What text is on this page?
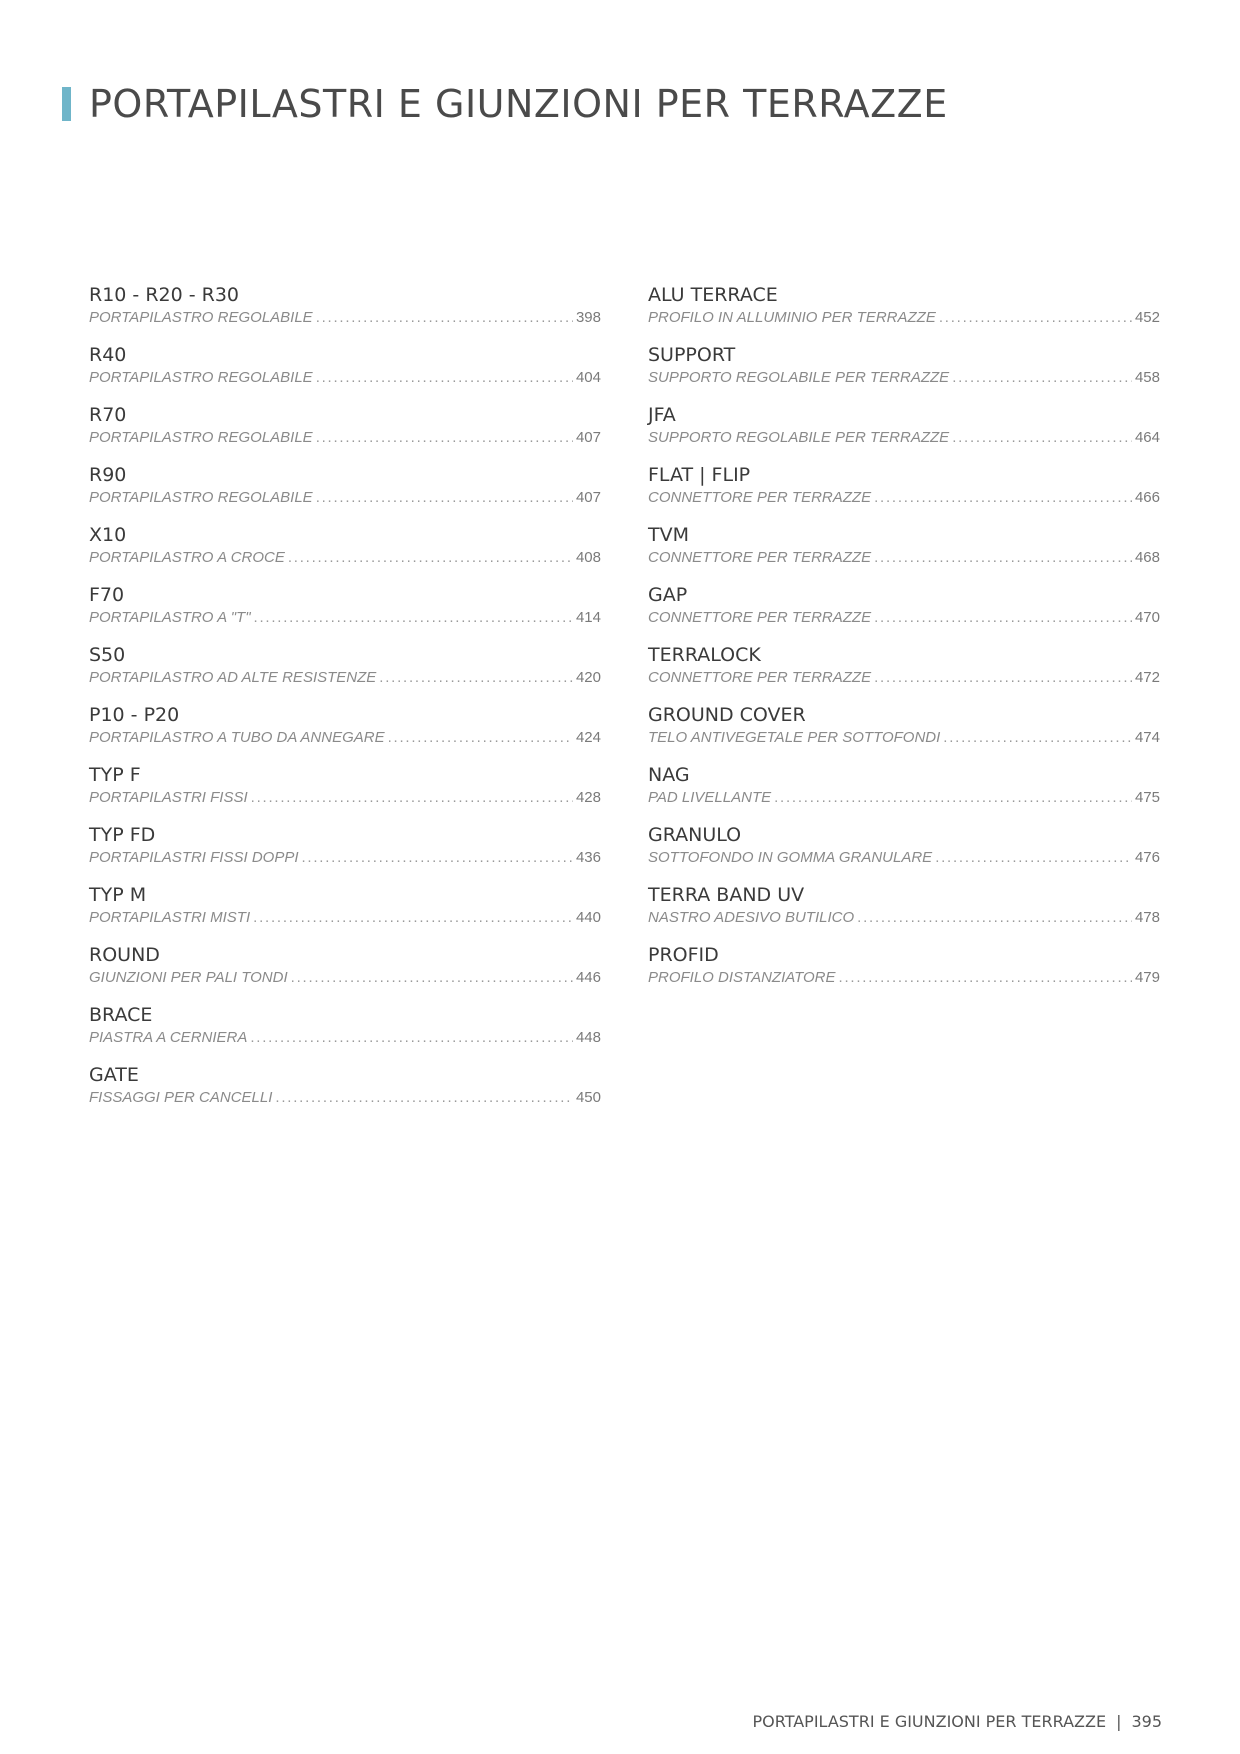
PORTAPILASTRI E GIUNZIONI PER TERRAZZE
R10 - R20 - R30
PORTAPILASTRO REGOLABILE . . .	398
R40
PORTAPILASTRO REGOLABILE . . .	404
R70
PORTAPILASTRO REGOLABILE . . .	407
R90
PORTAPILASTRO REGOLABILE . . .	407
X10
PORTAPILASTRO A CROCE . . .	408
F70
PORTAPILASTRO A "T" . . .	414
S50
PORTAPILASTRO AD ALTE RESISTENZE . . .	420
P10 - P20
PORTAPILASTRO A TUBO DA ANNEGARE . . .	424
TYP F
PORTAPILASTRI FISSI . . .	428
TYP FD
PORTAPILASTRI FISSI DOPPI . . .	436
TYP M
PORTAPILASTRI MISTI . . .	440
ROUND
GIUNZIONI PER PALI TONDI . . .	446
BRACE
PIASTRA A CERNIERA . . .	448
GATE
FISSAGGI PER CANCELLI . . .	450
ALU TERRACE
PROFILO IN ALLUMINIO PER TERRAZZE . . .	452
SUPPORT
SUPPORTO REGOLABILE PER TERRAZZE . . .	458
JFA
SUPPORTO REGOLABILE PER TERRAZZE . . .	464
FLAT | FLIP
CONNETTORE PER TERRAZZE . . .	466
TVM
CONNETTORE PER TERRAZZE . . .	468
GAP
CONNETTORE PER TERRAZZE . . .	470
TERRALOCK
CONNETTORE PER TERRAZZE . . .	472
GROUND COVER
TELO ANTIVEGETALE PER SOTTOFONDI . . .	474
NAG
PAD LIVELLANTE . . .	475
GRANULO
SOTTOFONDO IN GOMMA GRANULARE . . .	476
TERRA BAND UV
NASTRO ADESIVO BUTILICO . . .	478
PROFID
PROFILO DISTANZIATORE . . .	479
PORTAPILASTRI E GIUNZIONI PER TERRAZZE | 395
